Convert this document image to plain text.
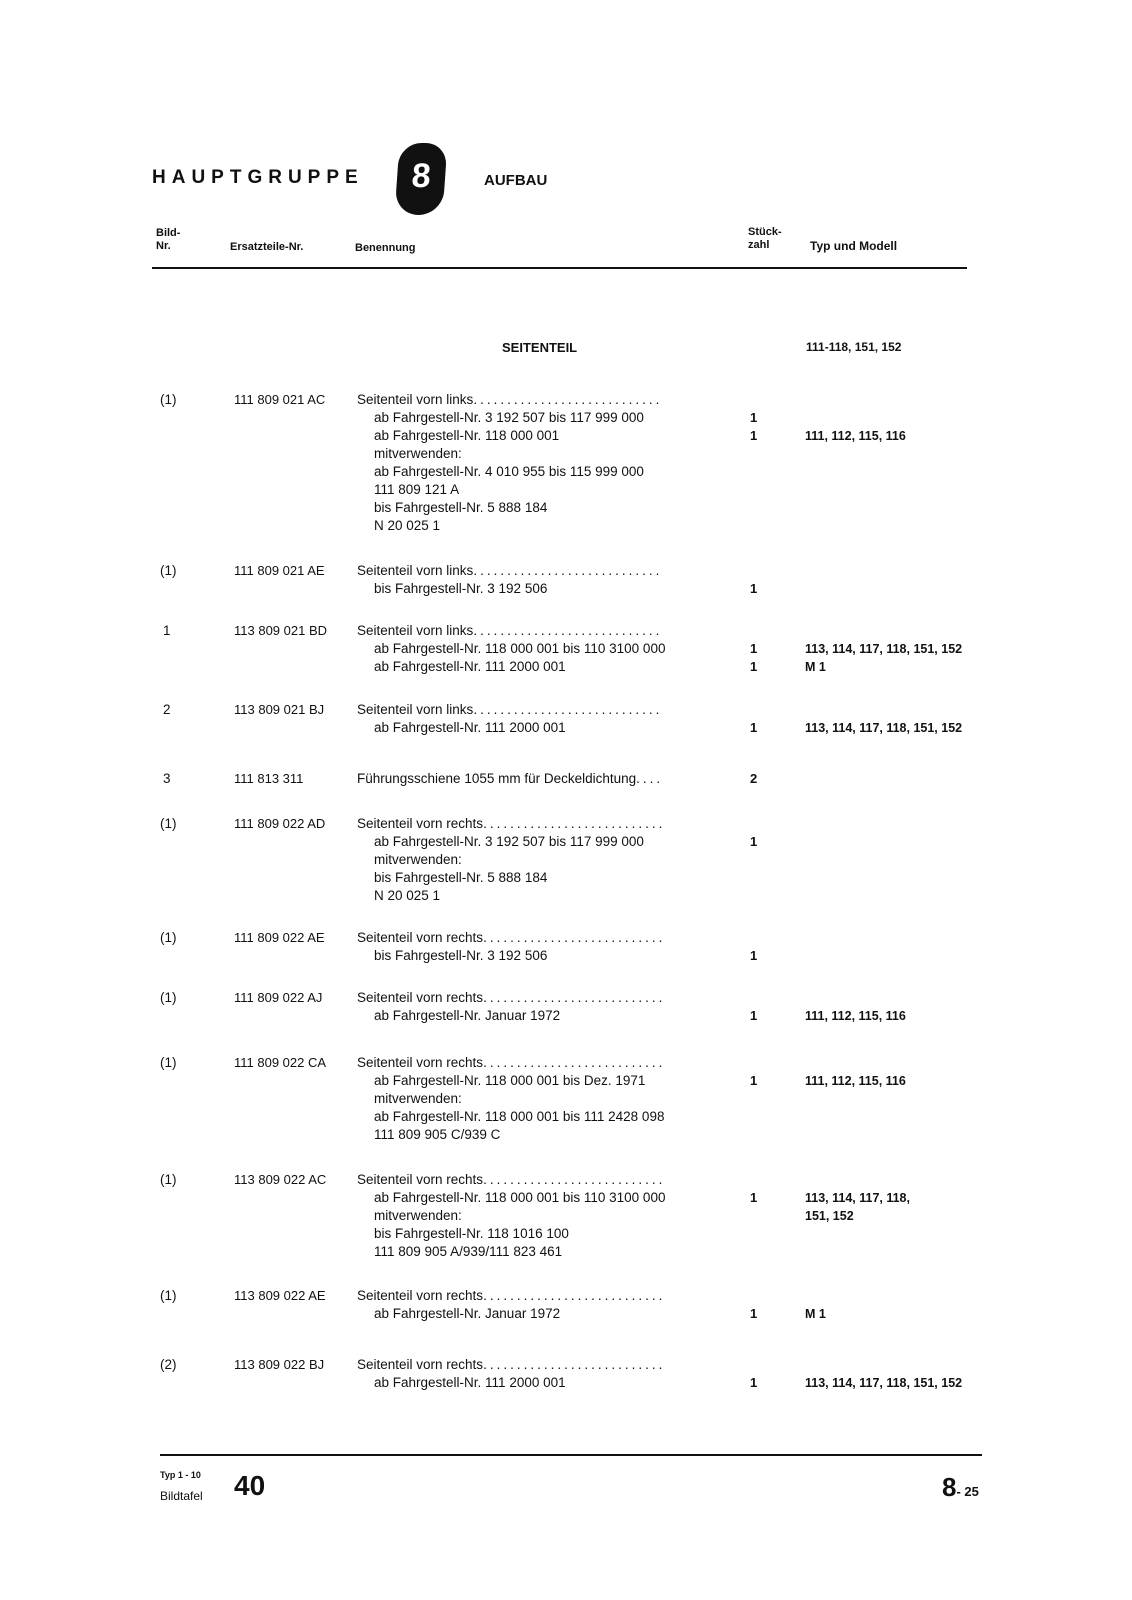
HAUPTGRUPPE	8	AUFBAU
Bild-
Nr.	Ersatzteile-Nr.	Benennung
Stück-
zahl	Typ und Modell
SEITENTEIL	111-118, 151, 152
(1)	111 809 021 AC Seitenteil vorn links............................
ab Fahrgestell-Nr. 3 192 507 bis 117 999 000	1
ab Fahrgestell-Nr. 118 000 001	1	111, 112, 115, 116
mitverwenden:
ab Fahrgestell-Nr. 4 010 955 bis 115 999 000
111 809 121 A
bis Fahrgestell-Nr. 5 888 184
N 20 025 1
(1)	111 809 021 AE Seitenteil vorn links............................
bis Fahrgestell-Nr. 3 192 506	1
1	113 809 021 BD Seitenteil vorn links............................
ab Fahrgestell-Nr. 118 000 001 bis 110 3100 000	1	113, 114, 117, 118, 151, 152
ab Fahrgestell-Nr. 111 2000 001	1	M 1
2	113 809 021 BJ Seitenteil vorn links............................
ab Fahrgestell-Nr. 111 2000 001	1	113, 114, 117, 118, 151, 152
3	111 813 311	Führungsschiene 1055 mm für Deckeldichtung....	2
(1)	111 809 022 AD Seitenteil vorn rechts...........................
ab Fahrgestell-Nr. 3 192 507 bis 117 999 000	1
mitverwenden:
bis Fahrgestell-Nr. 5 888 184
N 20 025 1
(1)	111 809 022 AE Seitenteil vorn rechts...........................
bis Fahrgestell-Nr. 3 192 506	1
(1)	111 809 022 AJ	Seitenteil vorn rechts...........................
ab Fahrgestell-Nr. Januar 1972	1	111, 112, 115, 116
(1)	111 809 022 CA Seitenteil vorn rechts...........................
ab Fahrgestell-Nr. 118 000 001 bis Dez. 1971	1	111, 112, 115, 116
mitverwenden:
ab Fahrgestell-Nr. 118 000 001 bis 111 2428 098
111 809 905 C/939 C
(1)	113 809 022 AC Seitenteil vorn rechts...........................
ab Fahrgestell-Nr. 118 000 001 bis 110 3100 000	1	113, 114, 117, 118,
mitverwenden:	151, 152
bis Fahrgestell-Nr. 118 1016 100
111 809 905 A/939/111 823 461
(1)	113 809 022 AE Seitenteil vorn rechts...........................
ab Fahrgestell-Nr. Januar 1972	1	M 1
(2)	113 809 022 BJ Seitenteil vorn rechts...........................
ab Fahrgestell-Nr. 111 2000 001	1	113, 114, 117, 118, 151, 152
Typ 1 - 10
Bildtafel 40	8- 25
